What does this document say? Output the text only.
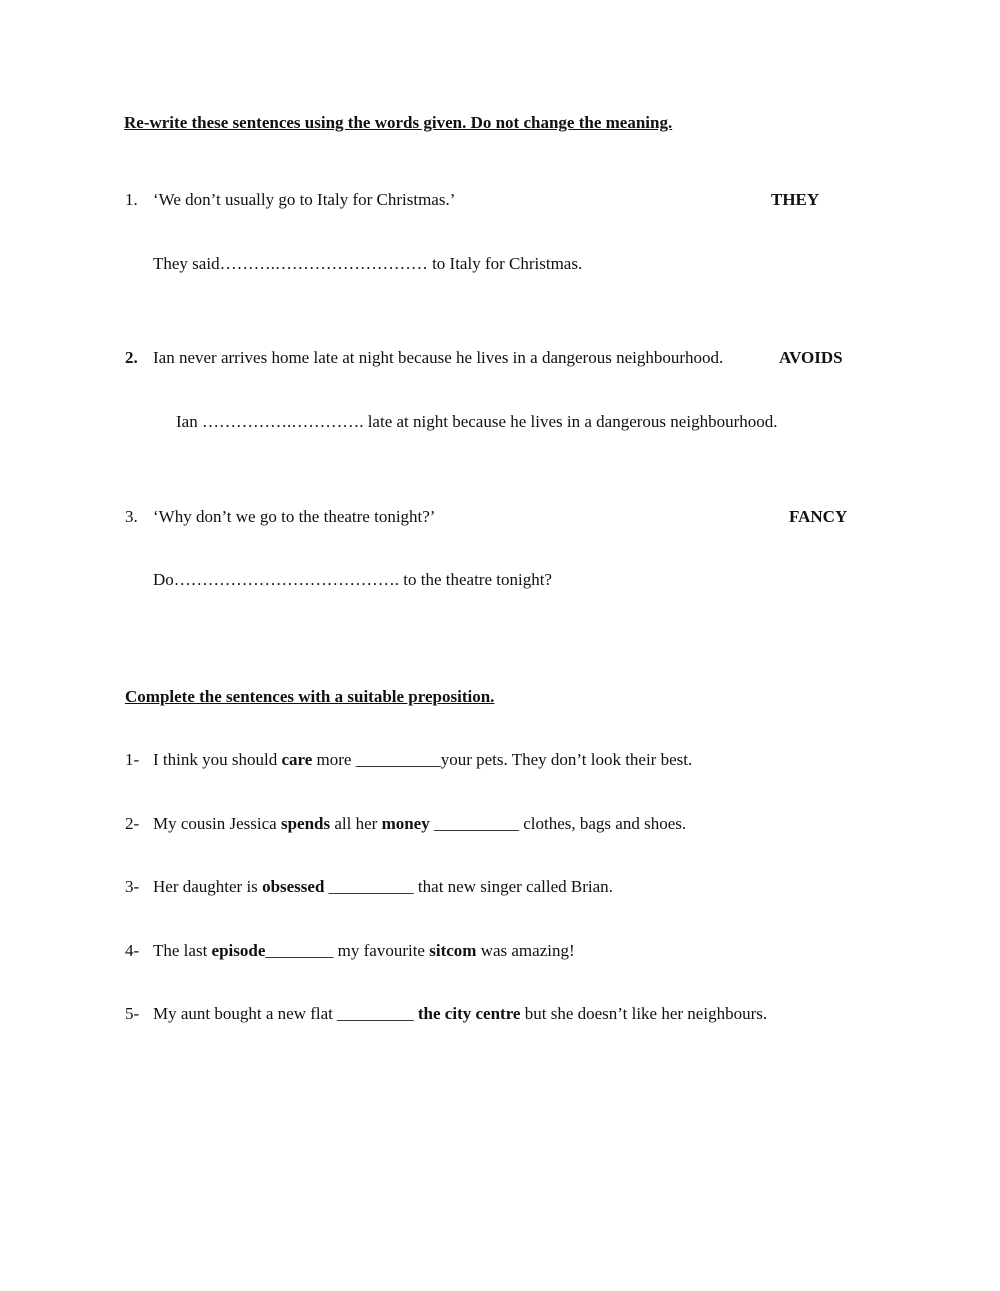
Re-write these sentences using the words given. Do not change the meaning.
1. ‘We don’t usually go to Italy for Christmas.’	THEY
They said……….……………………… to Italy for Christmas.
2. Ian never arrives home late at night because he lives in a dangerous neighbourhood.	AVOIDS
Ian …………….…………. late at night because he lives in a dangerous neighbourhood.
3. ‘Why don’t we go to the theatre tonight?’	FANCY
Do…………………………………. to the theatre tonight?
Complete the sentences with a suitable preposition.
1- I think you should care more __________your pets. They don’t look their best.
2- My cousin Jessica spends all her money __________ clothes, bags and shoes.
3- Her daughter is obsessed __________ that new singer called Brian.
4- The last episode________ my favourite sitcom was amazing!
5- My aunt bought a new flat _________ the city centre but she doesn’t like her neighbours.
